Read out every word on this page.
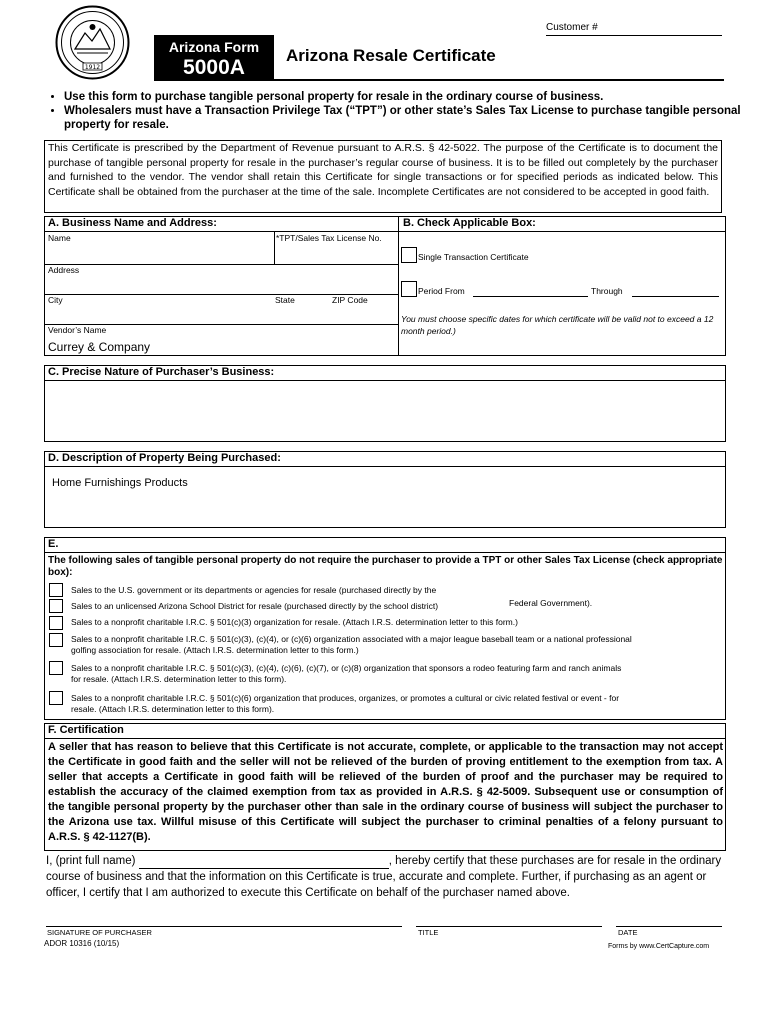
1912
Customer #
Arizona Form
5000A
Arizona Resale Certificate
• Use this form to purchase tangible personal property for resale in the ordinary course of business.
• Wholesalers must have a Transaction Privilege Tax (“TPT”) or other state’s Sales Tax License to purchase tangible personal property for resale.
This Certificate is prescribed by the Department of Revenue pursuant to A.R.S. § 42-5022. The purpose of the Certificate is to document the purchase of tangible personal property for resale in the purchaser’s regular course of business. It is to be filled out completely by the purchaser and furnished to the vendor. The vendor shall retain this Certificate for single transactions or for specified periods as indicated below. This Certificate shall be obtained from the purchaser at the time of the sale. Incomplete Certificates are not considered to be accepted in good faith.
A. Business Name and Address:	B. Check Applicable Box:
Name	*TPT/Sales Tax License No.
Address
City	State	ZIP Code
Vendor’s Name
Currey & Company
Single Transaction Certificate
Period From	Through
You must choose specific dates for which certificate will be valid not to exceed a 12 month period.)
C. Precise Nature of Purchaser’s Business:
D. Description of Property Being Purchased:
Home Furnishings Products
E.
The following sales of tangible personal property do not require the purchaser to provide a TPT or other Sales Tax License (check appropriate box):
Sales to the U.S. government or its departments or agencies for resale (purchased directly by the
Sales to an unlicensed Arizona School District for resale (purchased directly by the school district)	Federal Government).
Sales to a nonprofit charitable I.R.C. § 501(c)(3) organization for resale. (Attach I.R.S. determination letter to this form.)
Sales to a nonprofit charitable I.R.C. § 501(c)(3), (c)(4), or (c)(6) organization associated with a major league baseball team or a national professional
golfing association for resale. (Attach I.R.S. determination letter to this form.)
Sales to a nonprofit charitable I.R.C. § 501(c)(3), (c)(4), (c)(6), (c)(7), or (c)(8) organization that sponsors a rodeo featuring farm and ranch animals
for resale. (Attach I.R.S. determination letter to this form).
Sales to a nonprofit charitable I.R.C. § 501(c)(6) organization that produces, organizes, or promotes a cultural or civic related festival or event - for
resale. (Attach I.R.S. determination letter to this form).
F. Certification
A seller that has reason to believe that this Certificate is not accurate, complete, or applicable to the transaction may not accept the Certificate in good faith and the seller will not be relieved of the burden of proving entitlement to the exemption from tax. A seller that accepts a Certificate in good faith will be relieved of the burden of proof and the purchaser may be required to establish the accuracy of the claimed exemption from tax as provided in A.R.S. § 42-5009. Subsequent use or consumption of the tangible personal property by the purchaser other than sale in the ordinary course of business will subject the purchaser to the Arizona use tax. Willful misuse of this Certificate will subject the purchaser to criminal penalties of a felony pursuant to A.R.S. § 42-1127(B).
I, (print full name)	, hereby certify that these purchases are for resale in the ordinary course of business and that the information on this Certificate is true, accurate and complete. Further, if purchasing as an agent or officer, I certify that I am authorized to execute this Certificate on behalf of the purchaser named above.
SIGNATURE OF PURCHASER	TITLE	DATE
ADOR 10316 (10/15)	Forms by www.CertCapture.com
